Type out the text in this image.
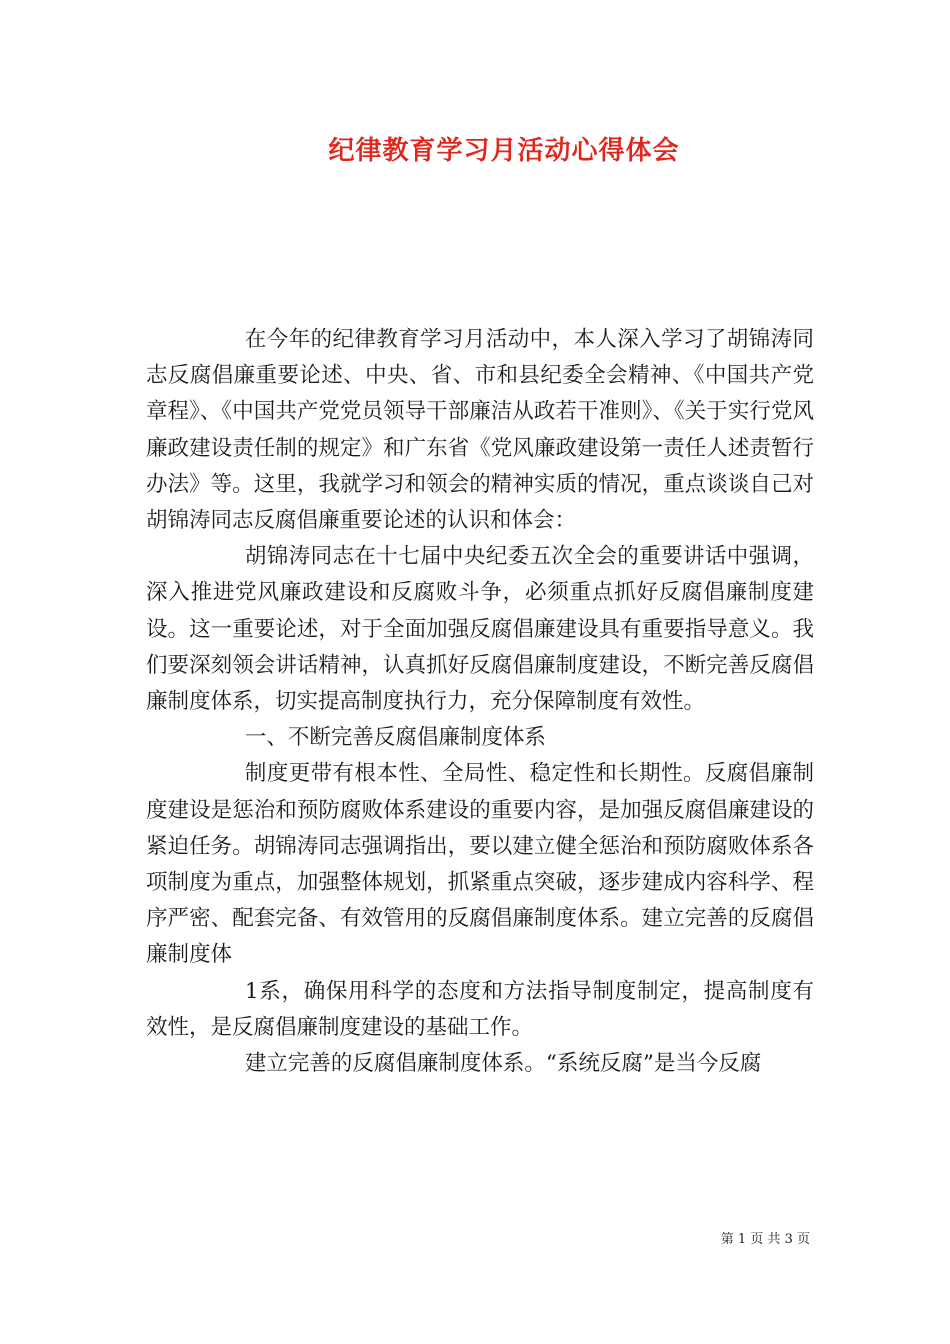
纪律教育学习月活动心得体会

在今年的纪律教育学习月活动中，本人深入学习了胡锦涛同志反腐倡廉重要论述、中央、省、市和县纪委全会精神、《中国共产党章程》、《中国共产党党员领导干部廉洁从政若干准则》、《关于实行党风廉政建设责任制的规定》和广东省《党风廉政建设第一责任人述责暂行办法》等。这里，我就学习和领会的精神实质的情况，重点谈谈自己对胡锦涛同志反腐倡廉重要论述的认识和体会：

胡锦涛同志在十七届中央纪委五次全会的重要讲话中强调，深入推进党风廉政建设和反腐败斗争，必须重点抓好反腐倡廉制度建设。这一重要论述，对于全面加强反腐倡廉建设具有重要指导意义。我们要深刻领会讲话精神，认真抓好反腐倡廉制度建设，不断完善反腐倡廉制度体系，切实提高制度执行力，充分保障制度有效性。

一、不断完善反腐倡廉制度体系

制度更带有根本性、全局性、稳定性和长期性。反腐倡廉制度建设是惩治和预防腐败体系建设的重要内容，是加强反腐倡廉建设的紧迫任务。胡锦涛同志强调指出，要以建立健全惩治和预防腐败体系各项制度为重点，加强整体规划，抓紧重点突破，逐步建成内容科学、程序严密、配套完备、有效管用的反腐倡廉制度体系。建立完善的反腐倡廉制度体

1系，确保用科学的态度和方法指导制度制定，提高制度有效性，是反腐倡廉制度建设的基础工作。

建立完善的反腐倡廉制度体系。“系统反腐”是当今反腐

第 1 页 共 3 页
